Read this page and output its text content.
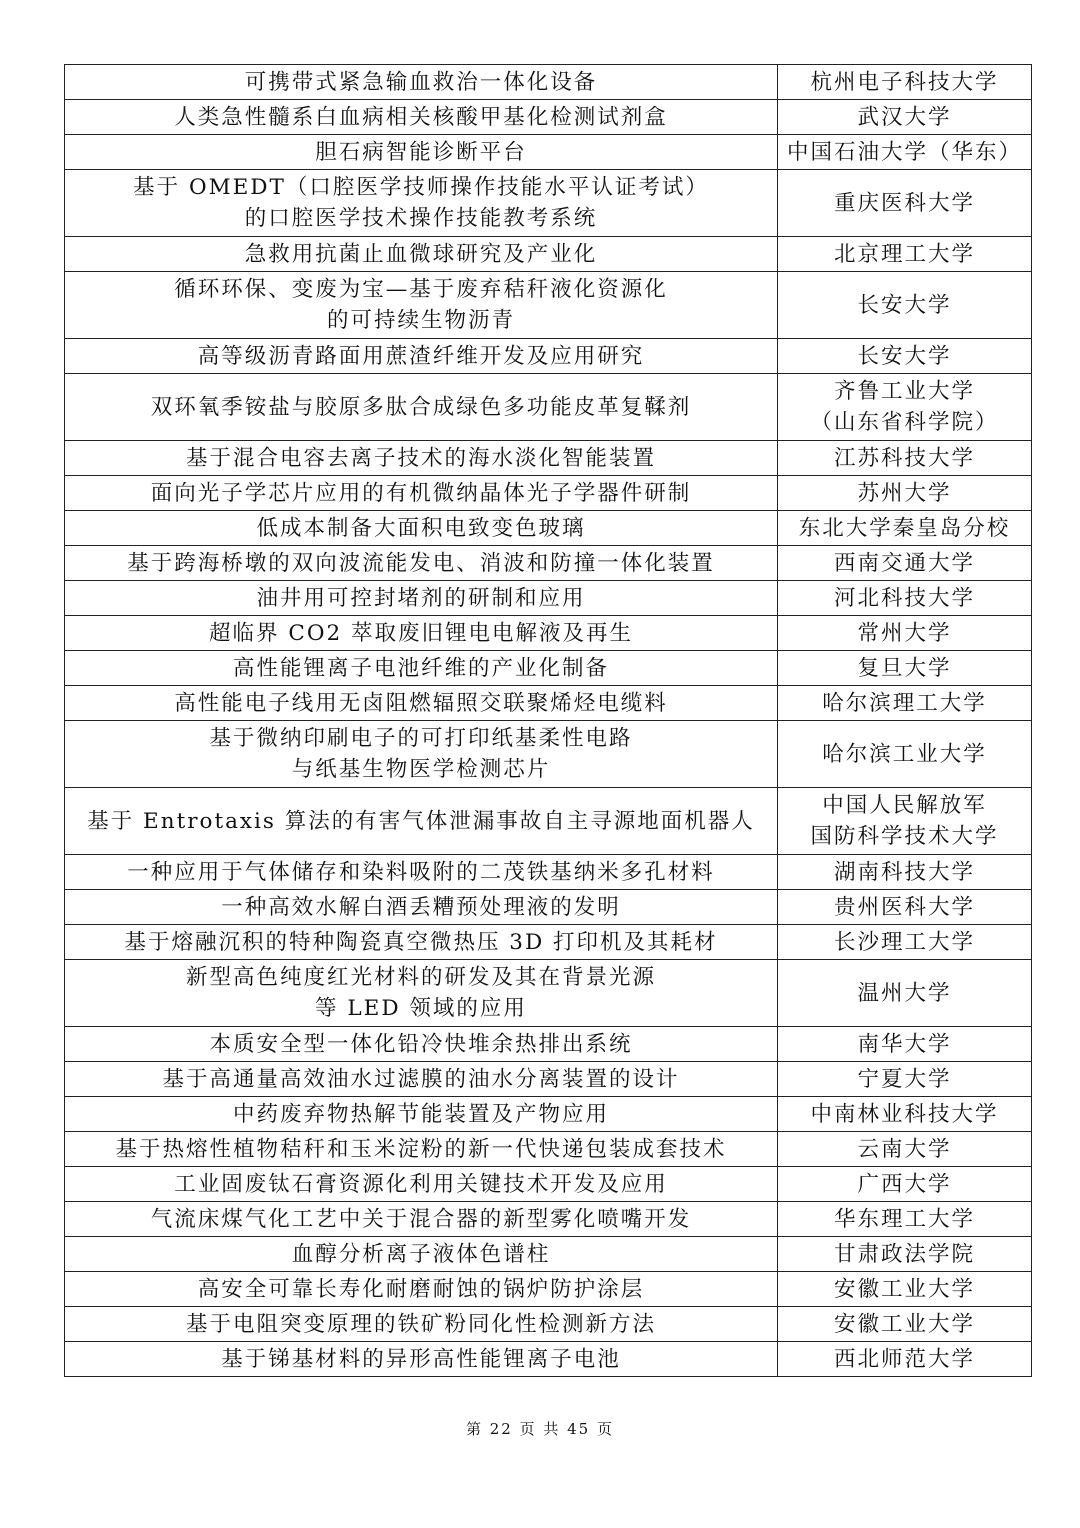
可携带式紧急输血救治一体化设备	杭州电子科技大学

人类急性髓系白血病相关核酸甲基化检测试剂盒	武汉大学

胆石病智能诊断平台	中国石油大学（华东）

基于 OMEDT（口腔医学技师操作技能水平认证考试）
的口腔医学技术操作技能教考系统	重庆医科大学

急救用抗菌止血微球研究及产业化	北京理工大学

循环环保、变废为宝—基于废弃秸秆液化资源化
的可持续生物沥青	长安大学

高等级沥青路面用蔗渣纤维开发及应用研究	长安大学

双环氧季铵盐与胶原多肽合成绿色多功能皮革复鞣剂	齐鲁工业大学
（山东省科学院）

基于混合电容去离子技术的海水淡化智能装置	江苏科技大学

面向光子学芯片应用的有机微纳晶体光子学器件研制	苏州大学

低成本制备大面积电致变色玻璃	东北大学秦皇岛分校

基于跨海桥墩的双向波流能发电、消波和防撞一体化装置	西南交通大学

油井用可控封堵剂的研制和应用	河北科技大学

超临界 CO2 萃取废旧锂电电解液及再生	常州大学

高性能锂离子电池纤维的产业化制备	复旦大学

高性能电子线用无卤阻燃辐照交联聚烯烃电缆料	哈尔滨理工大学

基于微纳印刷电子的可打印纸基柔性电路
与纸基生物医学检测芯片	哈尔滨工业大学

基于 Entrotaxis 算法的有害气体泄漏事故自主寻源地面机器人	中国人民解放军
国防科学技术大学

一种应用于气体储存和染料吸附的二茂铁基纳米多孔材料	湖南科技大学

一种高效水解白酒丢糟预处理液的发明	贵州医科大学

基于熔融沉积的特种陶瓷真空微热压 3D 打印机及其耗材	长沙理工大学

新型高色纯度红光材料的研发及其在背景光源
等 LED 领域的应用	温州大学

本质安全型一体化铅冷快堆余热排出系统	南华大学

基于高通量高效油水过滤膜的油水分离装置的设计	宁夏大学

中药废弃物热解节能装置及产物应用	中南林业科技大学

基于热熔性植物秸秆和玉米淀粉的新一代快递包装成套技术	云南大学

工业固废钛石膏资源化利用关键技术开发及应用	广西大学

气流床煤气化工艺中关于混合器的新型雾化喷嘴开发	华东理工大学

血醇分析离子液体色谱柱	甘肃政法学院

高安全可靠长寿化耐磨耐蚀的锅炉防护涂层	安徽工业大学

基于电阻突变原理的铁矿粉同化性检测新方法	安徽工业大学

基于锑基材料的异形高性能锂离子电池	西北师范大学
第 22 页 共 45 页
